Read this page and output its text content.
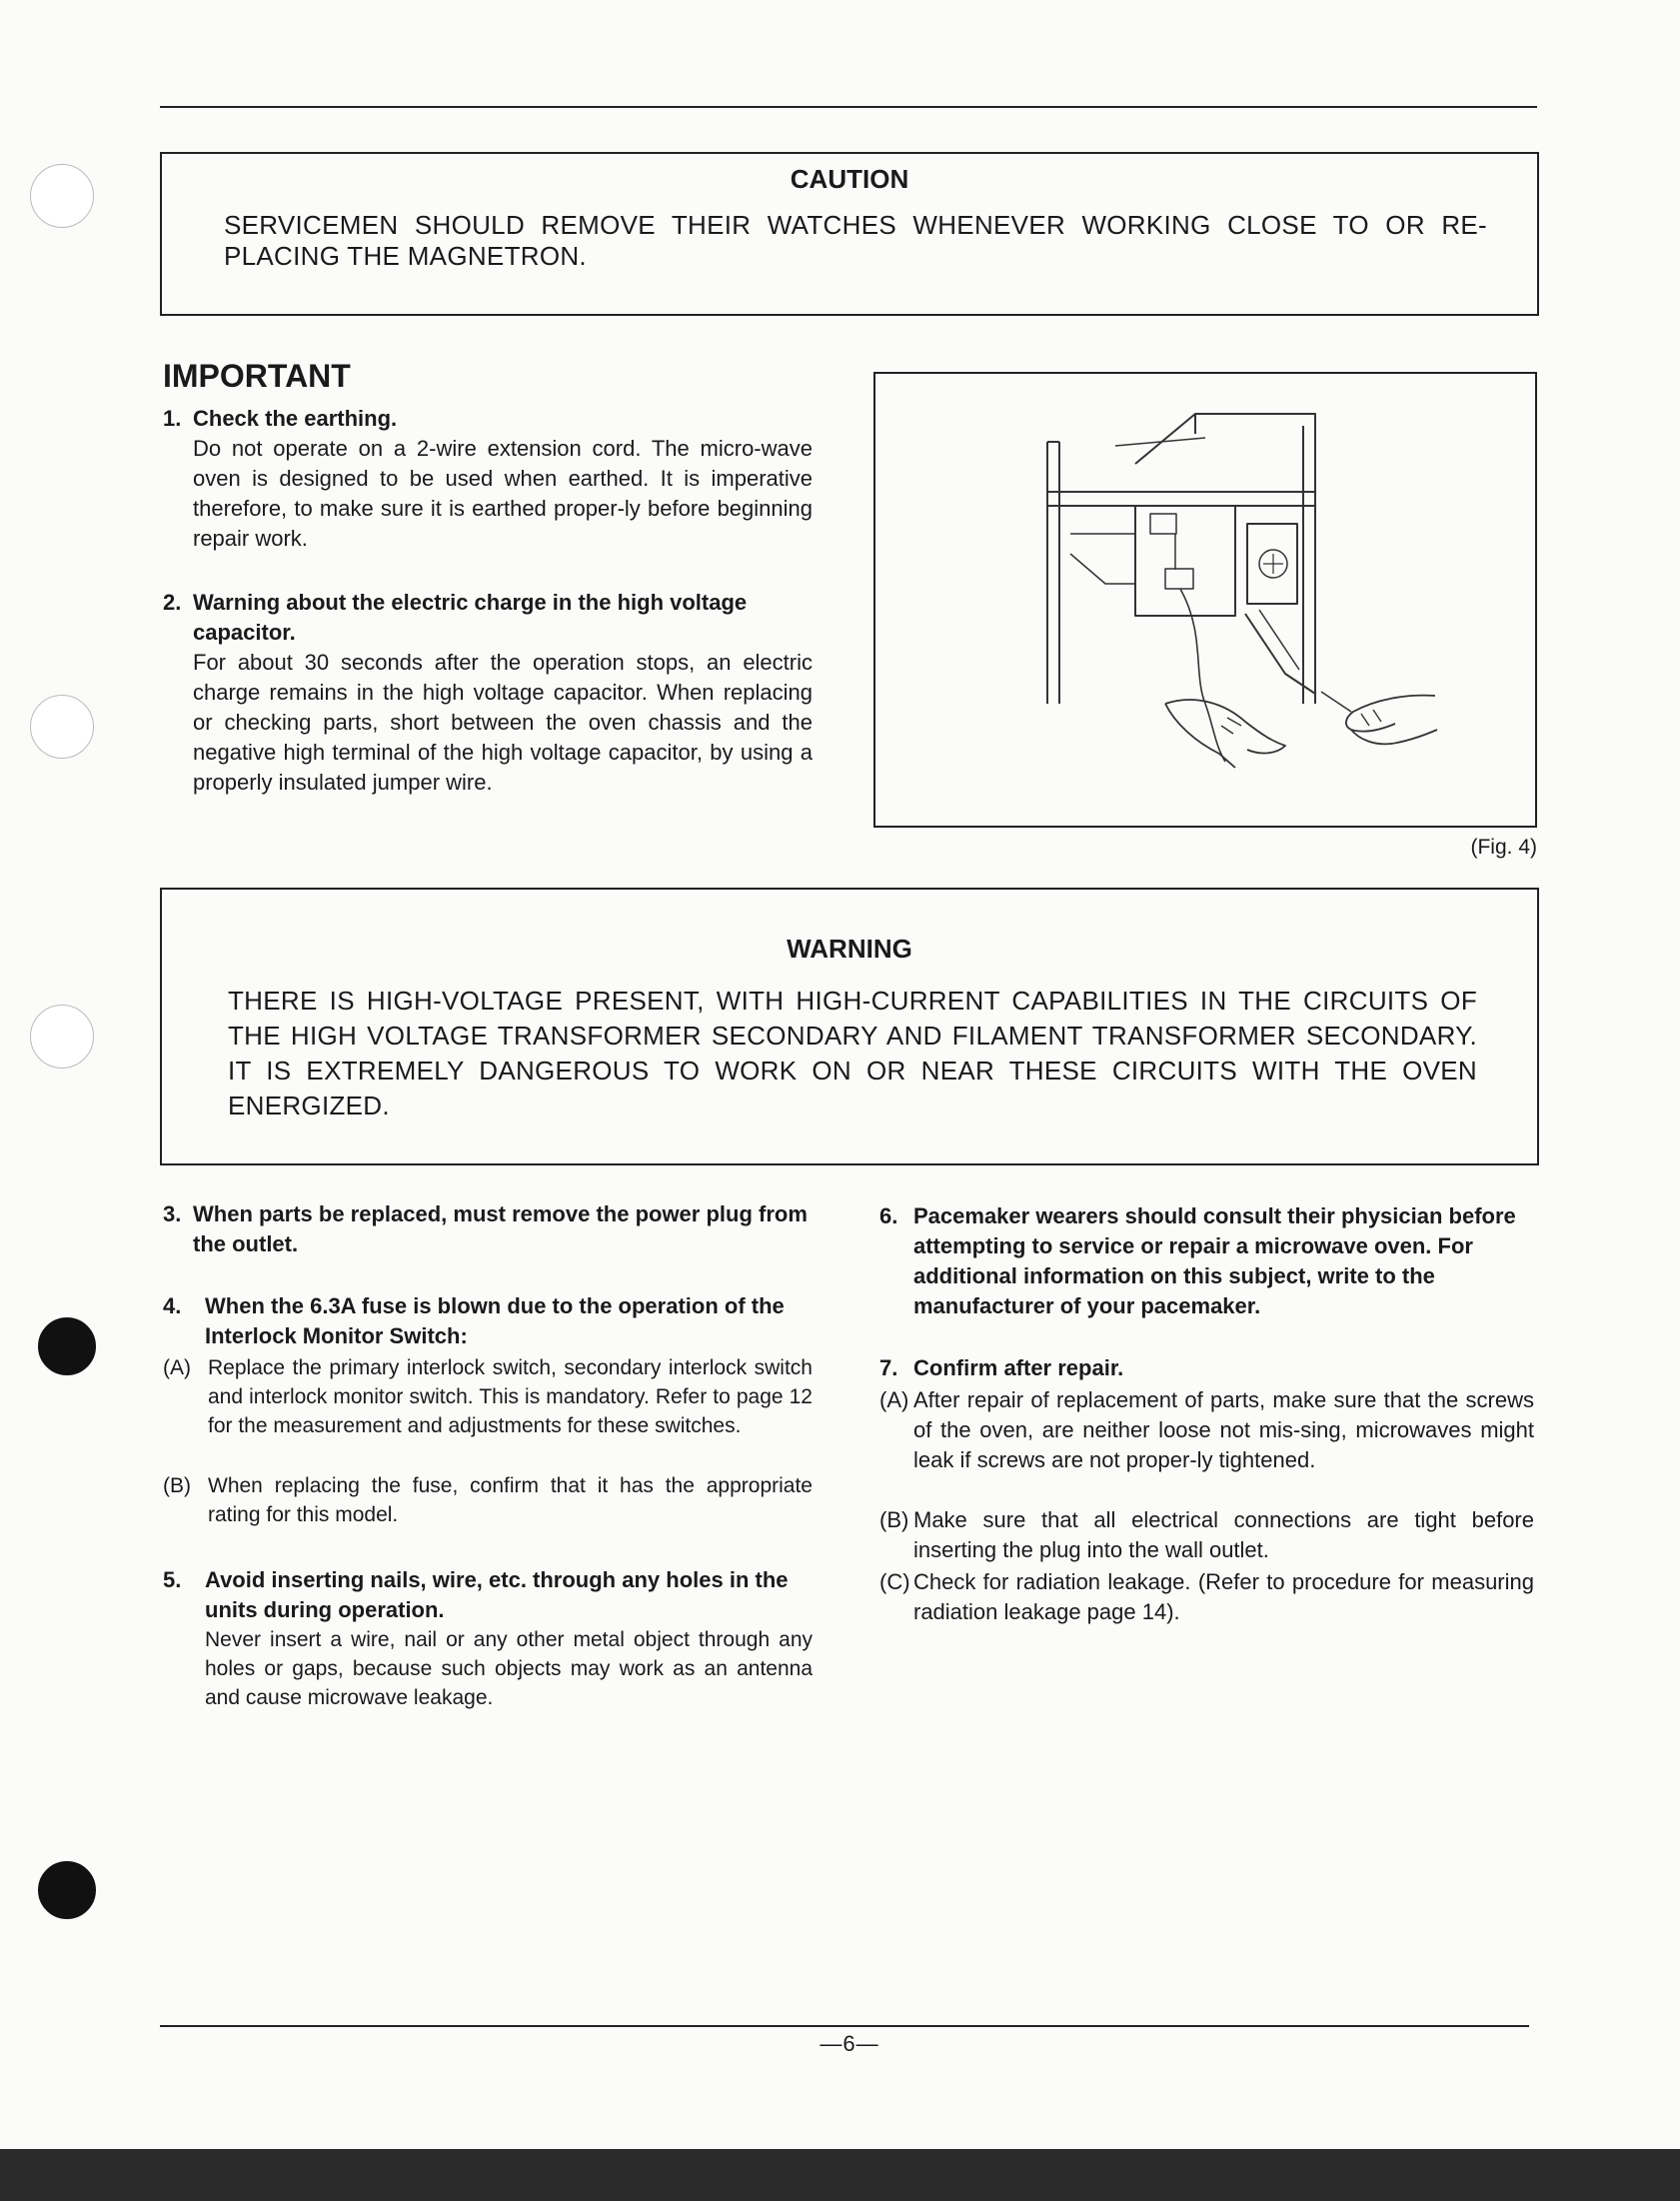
CAUTION
SERVICEMEN SHOULD REMOVE THEIR WATCHES WHENEVER WORKING CLOSE TO OR RE-PLACING THE MAGNETRON.
IMPORTANT
1. Check the earthing.
Do not operate on a 2-wire extension cord. The micro-wave oven is designed to be used when earthed. It is imperative therefore, to make sure it is earthed proper-ly before beginning repair work.
2. Warning about the electric charge in the high voltage capacitor.
For about 30 seconds after the operation stops, an electric charge remains in the high voltage capacitor. When replacing or checking parts, short between the oven chassis and the negative high terminal of the high voltage capacitor, by using a properly insulated jumper wire.
(Fig. 4)
WARNING
THERE IS HIGH-VOLTAGE PRESENT, WITH HIGH-CURRENT CAPABILITIES IN THE CIRCUITS OF THE HIGH VOLTAGE TRANSFORMER SECONDARY AND FILAMENT TRANSFORMER SECONDARY. IT IS EXTREMELY DANGEROUS TO WORK ON OR NEAR THESE CIRCUITS WITH THE OVEN ENERGIZED.
3. When parts be replaced, must remove the power plug from the outlet.
4. When the 6.3A fuse is blown due to the operation of the Interlock Monitor Switch:
(A) Replace the primary interlock switch, secondary interlock switch and interlock monitor switch. This is mandatory. Refer to page 12 for the measurement and adjustments for these switches.
(B) When replacing the fuse, confirm that it has the appropriate rating for this model.
5. Avoid inserting nails, wire, etc. through any holes in the units during operation.
Never insert a wire, nail or any other metal object through any holes or gaps, because such objects may work as an antenna and cause microwave leakage.
6. Pacemaker wearers should consult their physician before attempting to service or repair a microwave oven. For additional information on this subject, write to the manufacturer of your pacemaker.
7. Confirm after repair.
(A) After repair of replacement of parts, make sure that the screws of the oven, are neither loose not mis-sing, microwaves might leak if screws are not proper-ly tightened.
(B) Make sure that all electrical connections are tight before inserting the plug into the wall outlet.
(C) Check for radiation leakage. (Refer to procedure for measuring radiation leakage page 14).
—6—
